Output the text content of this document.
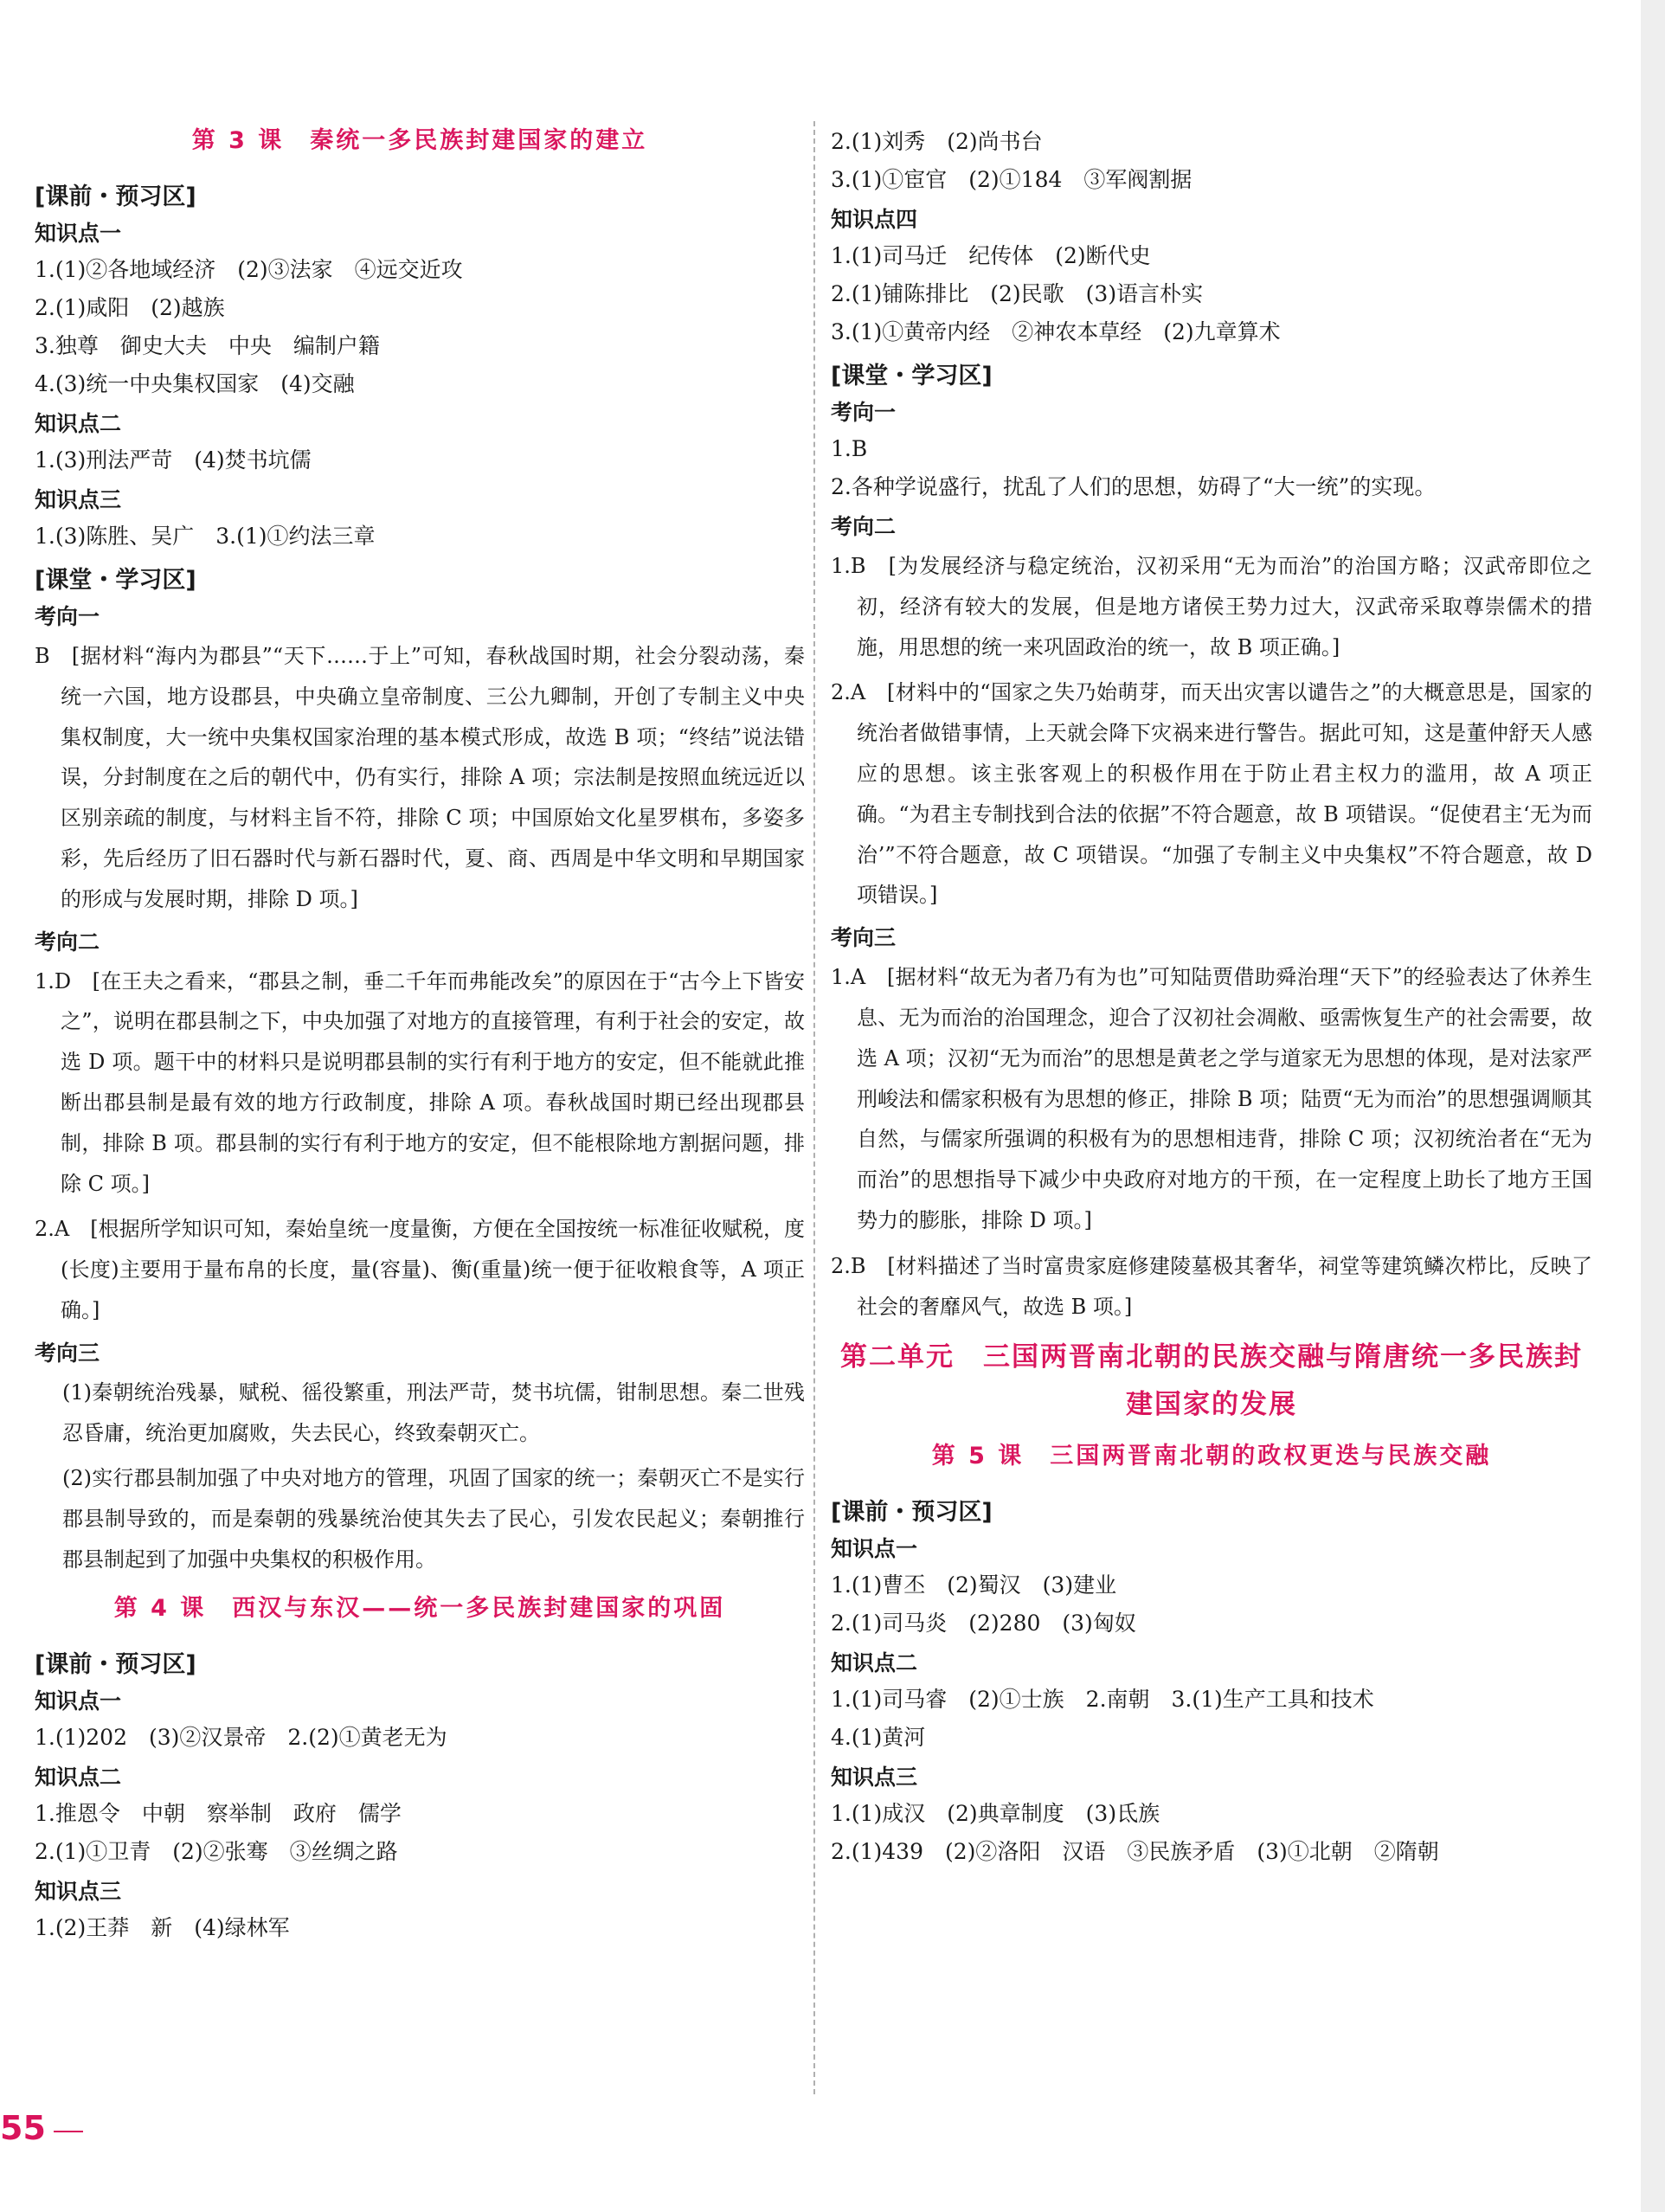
第 3 课　秦统一多民族封建国家的建立
[课前・预习区]
知识点一
1.(1)②各地域经济　(2)③法家　④远交近攻
2.(1)咸阳　(2)越族
3.独尊　御史大夫　中央　编制户籍
4.(3)统一中央集权国家　(4)交融
知识点二
1.(3)刑法严苛　(4)焚书坑儒
知识点三
1.(3)陈胜、吴广　3.(1)①约法三章
[课堂・学习区]
考向一
B　[据材料“海内为郡县”“天下……于上”可知，春秋战国时期，社会分裂动荡，秦统一六国，地方设郡县，中央确立皇帝制度、三公九卿制，开创了专制主义中央集权制度，大一统中央集权国家治理的基本模式形成，故选 B 项；“终结”说法错误，分封制度在之后的朝代中，仍有实行，排除 A 项；宗法制是按照血统远近以区别亲疏的制度，与材料主旨不符，排除 C 项；中国原始文化星罗棋布，多姿多彩，先后经历了旧石器时代与新石器时代，夏、商、西周是中华文明和早期国家的形成与发展时期，排除 D 项。]
考向二
1.D　[在王夫之看来，“郡县之制，垂二千年而弗能改矣”的原因在于“古今上下皆安之”，说明在郡县制之下，中央加强了对地方的直接管理，有利于社会的安定，故选 D 项。题干中的材料只是说明郡县制的实行有利于地方的安定，但不能就此推断出郡县制是最有效的地方行政制度，排除 A 项。春秋战国时期已经出现郡县制，排除 B 项。郡县制的实行有利于地方的安定，但不能根除地方割据问题，排除 C 项。]
2.A　[根据所学知识可知，秦始皇统一度量衡，方便在全国按统一标准征收赋税，度(长度)主要用于量布帛的长度，量(容量)、衡(重量)统一便于征收粮食等，A 项正确。]
考向三
(1)秦朝统治残暴，赋税、徭役繁重，刑法严苛，焚书坑儒，钳制思想。秦二世残忍昏庸，统治更加腐败，失去民心，终致秦朝灭亡。
(2)实行郡县制加强了中央对地方的管理，巩固了国家的统一；秦朝灭亡不是实行郡县制导致的，而是秦朝的残暴统治使其失去了民心，引发农民起义；秦朝推行郡县制起到了加强中央集权的积极作用。
第 4 课　西汉与东汉——统一多民族封建国家的巩固
[课前・预习区]
知识点一
1.(1)202　(3)②汉景帝　2.(2)①黄老无为
知识点二
1.推恩令　中朝　察举制　政府　儒学
2.(1)①卫青　(2)②张骞　③丝绸之路
知识点三
1.(2)王莽　新　(4)绿林军
2.(1)刘秀　(2)尚书台
3.(1)①宦官　(2)①184　③军阀割据
知识点四
1.(1)司马迁　纪传体　(2)断代史
2.(1)铺陈排比　(2)民歌　(3)语言朴实
3.(1)①黄帝内经　②神农本草经　(2)九章算术
[课堂・学习区]
考向一
1.B
2.各种学说盛行，扰乱了人们的思想，妨碍了“大一统”的实现。
考向二
1.B　[为发展经济与稳定统治，汉初采用“无为而治”的治国方略；汉武帝即位之初，经济有较大的发展，但是地方诸侯王势力过大，汉武帝采取尊崇儒术的措施，用思想的统一来巩固政治的统一，故 B 项正确。]
2.A　[材料中的“国家之失乃始萌芽，而天出灾害以谴告之”的大概意思是，国家的统治者做错事情，上天就会降下灾祸来进行警告。据此可知，这是董仲舒天人感应的思想。该主张客观上的积极作用在于防止君主权力的滥用，故 A 项正确。“为君主专制找到合法的依据”不符合题意，故 B 项错误。“促使君主‘无为而治’”不符合题意，故 C 项错误。“加强了专制主义中央集权”不符合题意，故 D 项错误。]
考向三
1.A　[据材料“故无为者乃有为也”可知陆贾借助舜治理“天下”的经验表达了休养生息、无为而治的治国理念，迎合了汉初社会凋敝、亟需恢复生产的社会需要，故选 A 项；汉初“无为而治”的思想是黄老之学与道家无为思想的体现，是对法家严刑峻法和儒家积极有为思想的修正，排除 B 项；陆贾“无为而治”的思想强调顺其自然，与儒家所强调的积极有为的思想相违背，排除 C 项；汉初统治者在“无为而治”的思想指导下减少中央政府对地方的干预，在一定程度上助长了地方王国势力的膨胀，排除 D 项。]
2.B　[材料描述了当时富贵家庭修建陵墓极其奢华，祠堂等建筑鳞次栉比，反映了社会的奢靡风气，故选 B 项。]
第二单元　三国两晋南北朝的民族交融与隋唐统一多民族封建国家的发展
第 5 课　三国两晋南北朝的政权更迭与民族交融
[课前・预习区]
知识点一
1.(1)曹丕　(2)蜀汉　(3)建业
2.(1)司马炎　(2)280　(3)匈奴
知识点二
1.(1)司马睿　(2)①士族　2.南朝　3.(1)生产工具和技术
4.(1)黄河
知识点三
1.(1)成汉　(2)典章制度　(3)氐族
2.(1)439　(2)②洛阳　汉语　③民族矛盾　(3)①北朝　②隋朝
55
